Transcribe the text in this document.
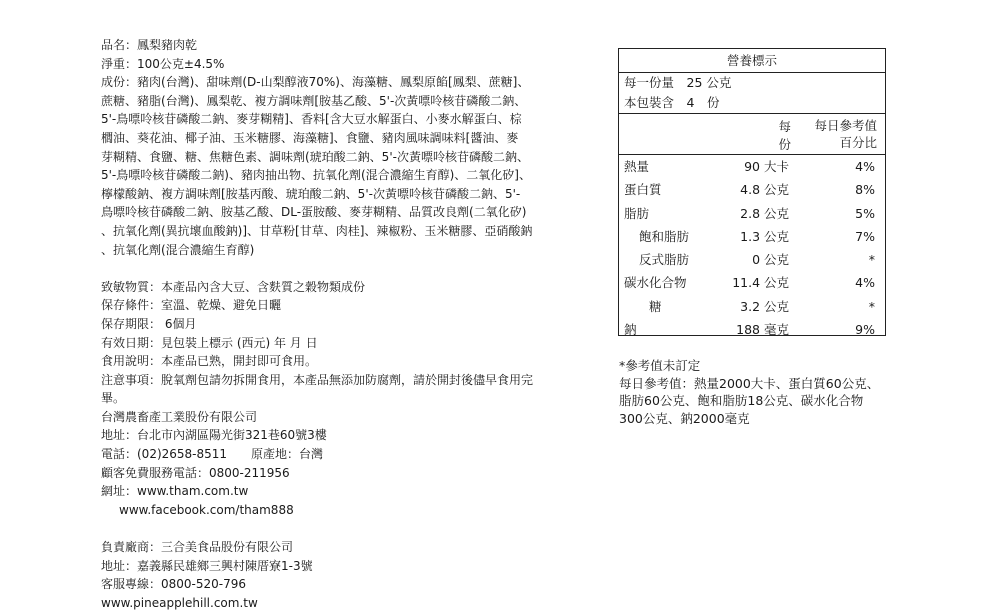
品名：鳳梨豬肉乾
淨重：100公克±4.5%
成份：豬肉(台灣)、甜味劑(D-山梨醇液70%)、海藻糖、鳳梨原餡[鳳梨、蔗糖]、
蔗糖、豬脂(台灣)、鳳梨乾、複方調味劑[胺基乙酸、5'-次黃嘌呤核苷磷酸二鈉、
5'-鳥嘌呤核苷磷酸二鈉、麥芽糊精]、香料[含大豆水解蛋白、小麥水解蛋白、棕
櫚油、葵花油、椰子油、玉米糖膠、海藻糖]、食鹽、豬肉風味調味料[醬油、麥
芽糊精、食鹽、糖、焦糖色素、調味劑(琥珀酸二鈉、5'-次黃嘌呤核苷磷酸二鈉、
5'-鳥嘌呤核苷磷酸二鈉)、豬肉抽出物、抗氧化劑(混合濃縮生育醇)、二氧化矽]、
檸檬酸鈉、複方調味劑[胺基丙酸、琥珀酸二鈉、5'-次黃嘌呤核苷磷酸二鈉、5'-
鳥嘌呤核苷磷酸二鈉、胺基乙酸、DL-蛋胺酸、麥芽糊精、品質改良劑(二氧化矽)
、抗氧化劑(異抗壞血酸鈉)]、甘草粉[甘草、肉桂]、辣椒粉、玉米糖膠、亞硝酸鈉
、抗氧化劑(混合濃縮生育醇)
致敏物質：本產品內含大豆、含麩質之穀物類成份
保存條件：室溫、乾燥、避免日曬
保存期限： 6個月
有效日期：見包裝上標示 (西元) 年 月 日
食用說明：本產品已熟，開封即可食用。
注意事項：脫氧劑包請勿拆開食用，本產品無添加防腐劑，請於開封後儘早食用完畢。
台灣農畜產工業股份有限公司
地址：台北市內湖區陽光街321巷60號3樓
電話：(02)2658-8511　　原產地：台灣
顧客免費服務電話：0800-211956
網址：www.tham.com.tw
www.facebook.com/tham888
負責廠商：三合美食品股份有限公司
地址：嘉義縣民雄鄉三興村陳厝寮1-3號
客服專線：0800-520-796
www.pineapplehill.com.tw
營養標示
每一份量　25 公克
本包裝含　4　份
每份
每日參考值
百分比
熱量	90 大卡	4%
蛋白質	4.8 公克	8%
脂肪	2.8 公克	5%
飽和脂肪	1.3 公克	7%
反式脂肪	0 公克	*
碳水化合物	11.4 公克	4%
糖	3.2 公克	*
鈉	188 毫克	9%
*參考值未訂定
每日參考值：熱量2000大卡、蛋白質60公克、脂肪60公克、飽和脂肪18公克、碳水化合物300公克、鈉2000毫克
